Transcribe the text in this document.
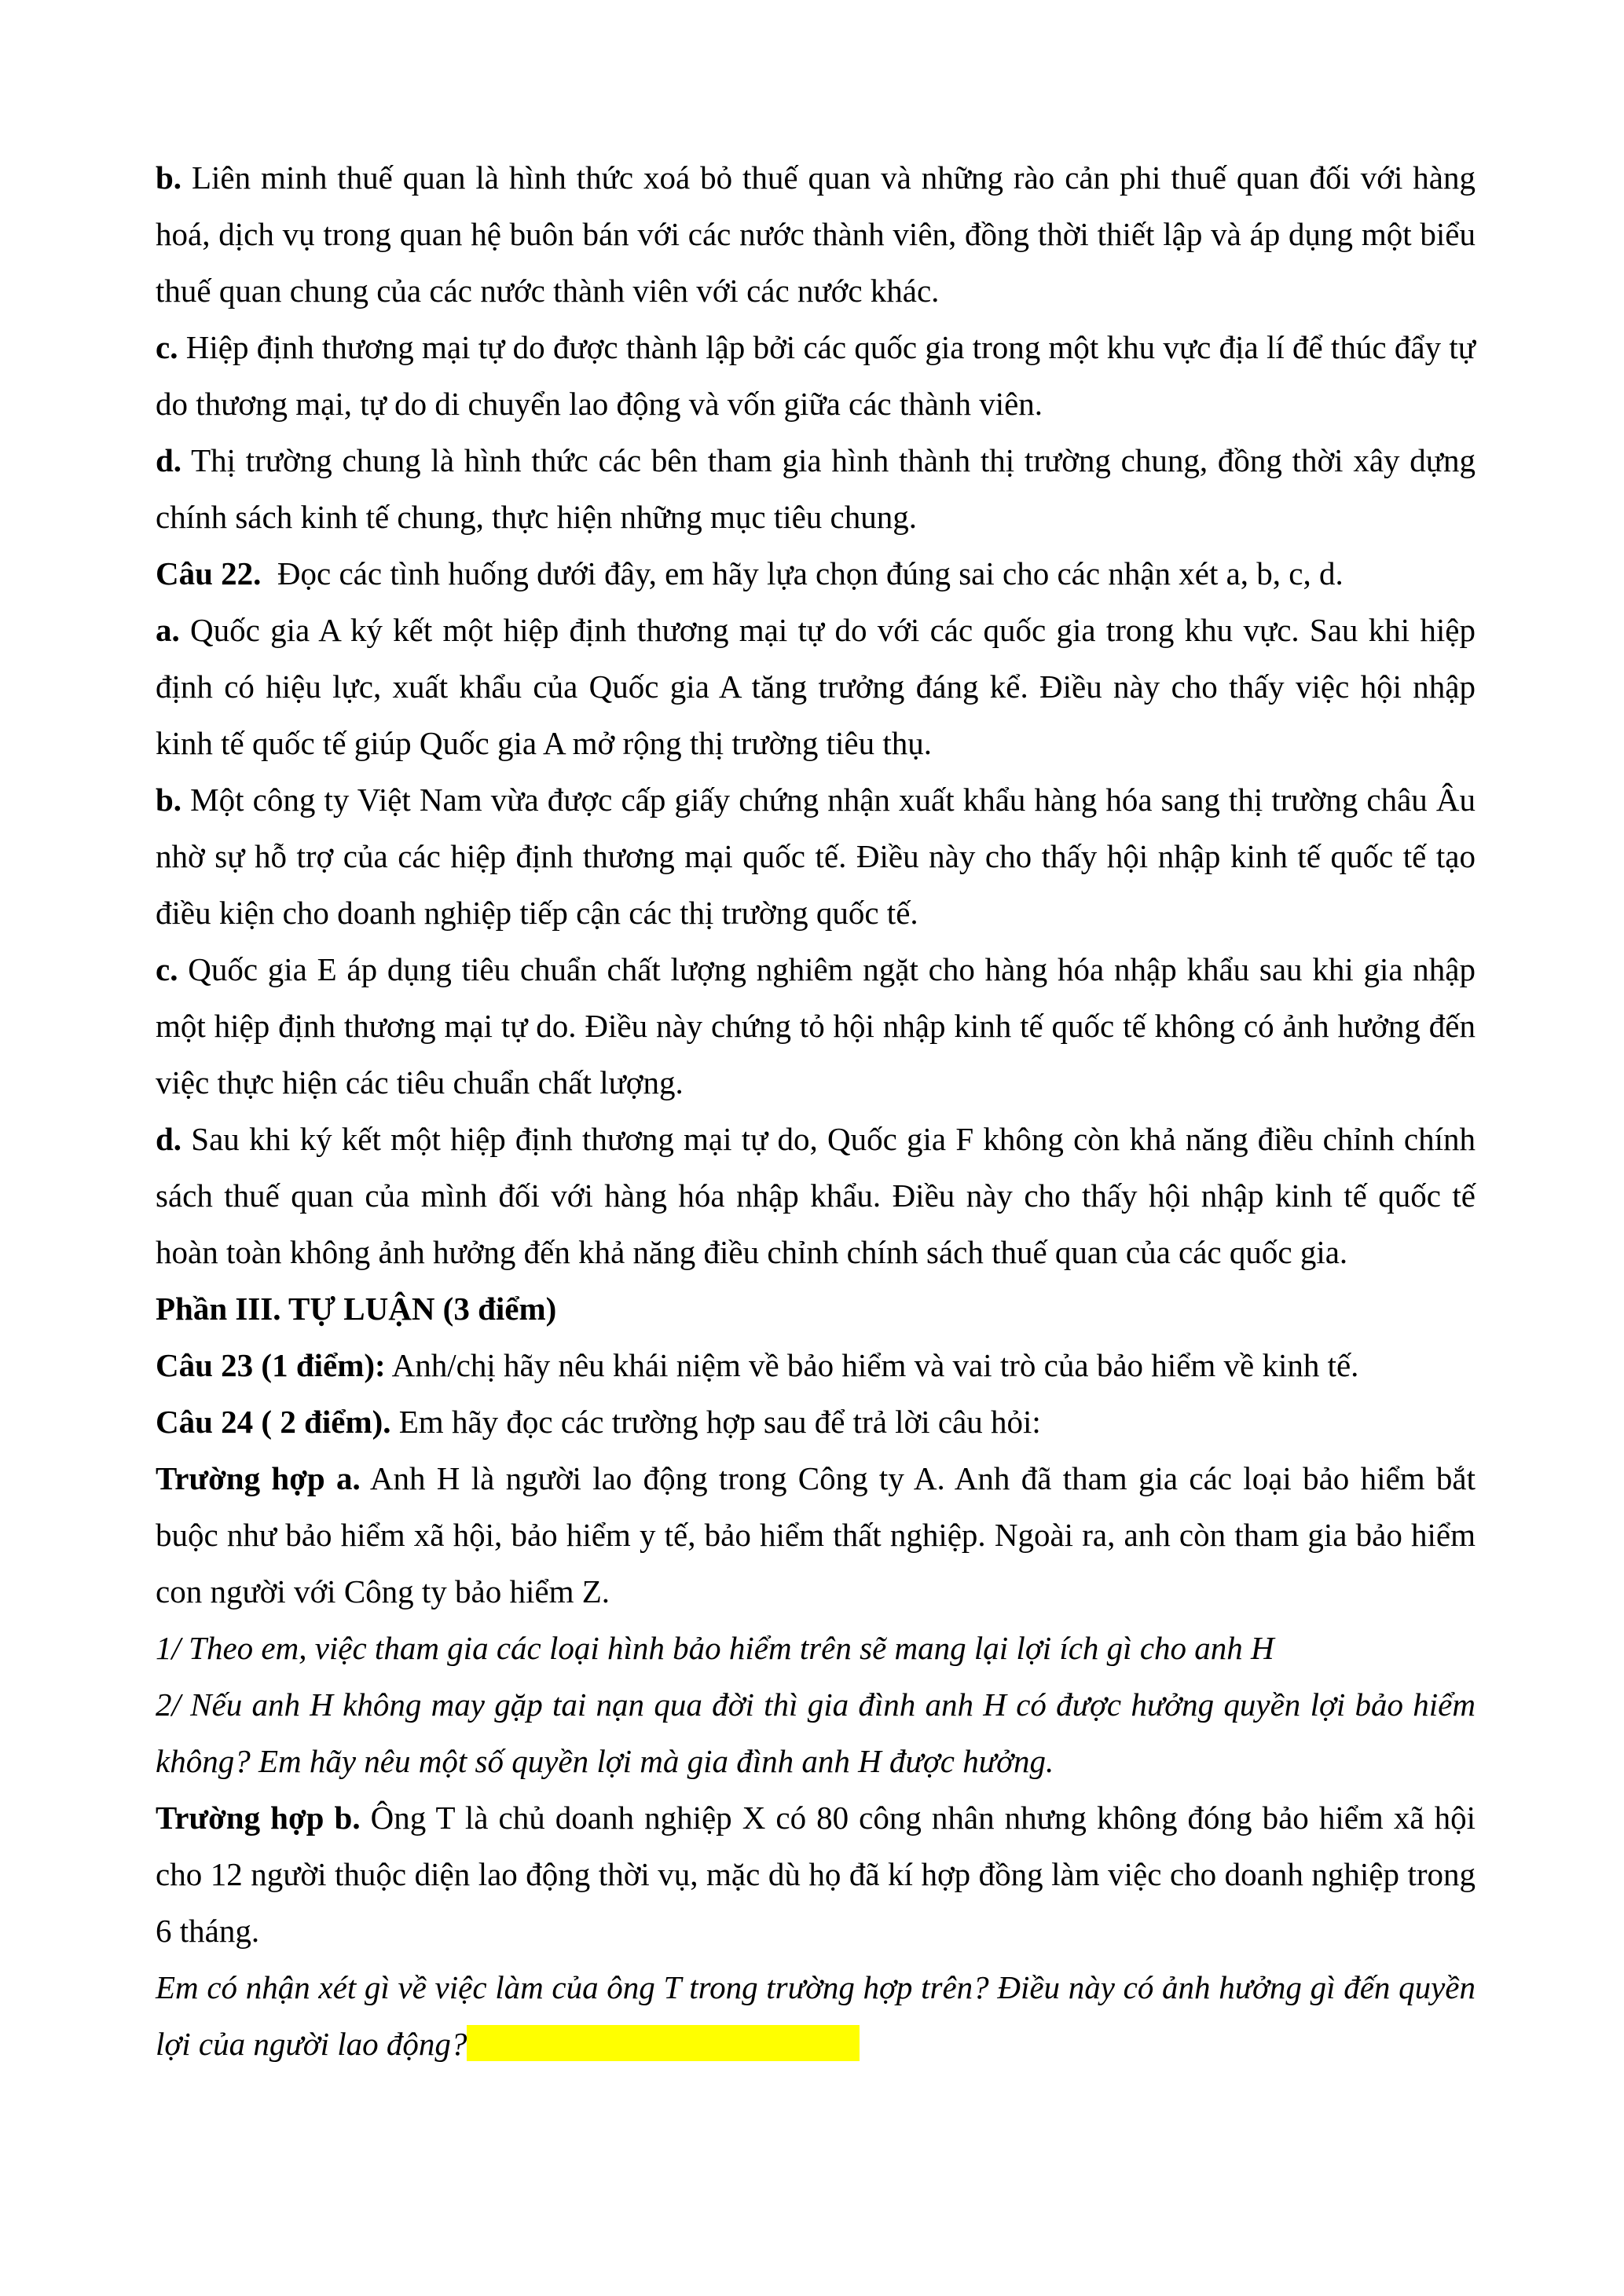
b. Liên minh thuế quan là hình thức xoá bỏ thuế quan và những rào cản phi thuế quan đối với hàng hoá, dịch vụ trong quan hệ buôn bán với các nước thành viên, đồng thời thiết lập và áp dụng một biểu thuế quan chung của các nước thành viên với các nước khác.

c. Hiệp định thương mại tự do được thành lập bởi các quốc gia trong một khu vực địa lí để thúc đẩy tự do thương mại, tự do di chuyển lao động và vốn giữa các thành viên.

d. Thị trường chung là hình thức các bên tham gia hình thành thị trường chung, đồng thời xây dựng chính sách kinh tế chung, thực hiện những mục tiêu chung.

Câu 22.  Đọc các tình huống dưới đây, em hãy lựa chọn đúng sai cho các nhận xét a, b, c, d.

a. Quốc gia A ký kết một hiệp định thương mại tự do với các quốc gia trong khu vực. Sau khi hiệp định có hiệu lực, xuất khẩu của Quốc gia A tăng trưởng đáng kể. Điều này cho thấy việc hội nhập kinh tế quốc tế giúp Quốc gia A mở rộng thị trường tiêu thụ.

b. Một công ty Việt Nam vừa được cấp giấy chứng nhận xuất khẩu hàng hóa sang thị trường châu Âu nhờ sự hỗ trợ của các hiệp định thương mại quốc tế. Điều này cho thấy hội nhập kinh tế quốc tế tạo điều kiện cho doanh nghiệp tiếp cận các thị trường quốc tế.

c. Quốc gia E áp dụng tiêu chuẩn chất lượng nghiêm ngặt cho hàng hóa nhập khẩu sau khi gia nhập một hiệp định thương mại tự do. Điều này chứng tỏ hội nhập kinh tế quốc tế không có ảnh hưởng đến việc thực hiện các tiêu chuẩn chất lượng.

d. Sau khi ký kết một hiệp định thương mại tự do, Quốc gia F không còn khả năng điều chỉnh chính sách thuế quan của mình đối với hàng hóa nhập khẩu. Điều này cho thấy hội nhập kinh tế quốc tế hoàn toàn không ảnh hưởng đến khả năng điều chỉnh chính sách thuế quan của các quốc gia.

Phần III. TỰ LUẬN (3 điểm)

Câu 23 (1 điểm): Anh/chị hãy nêu khái niệm về bảo hiểm và vai trò của bảo hiểm về kinh tế.

Câu 24 ( 2 điểm). Em hãy đọc các trường hợp sau để trả lời câu hỏi:

Trường hợp a. Anh H là người lao động trong Công ty A. Anh đã tham gia các loại bảo hiểm bắt buộc như bảo hiểm xã hội, bảo hiểm y tế, bảo hiểm thất nghiệp. Ngoài ra, anh còn tham gia bảo hiểm con người với Công ty bảo hiểm Z.

1/ Theo em, việc tham gia các loại hình bảo hiểm trên sẽ mang lại lợi ích gì cho anh H

2/ Nếu anh H không may gặp tai nạn qua đời thì gia đình anh H có được hưởng quyền lợi bảo hiểm không? Em hãy nêu một số quyền lợi mà gia đình anh H được hưởng.

Trường hợp b. Ông T là chủ doanh nghiệp X có 80 công nhân nhưng không đóng bảo hiểm xã hội cho 12 người thuộc diện lao động thời vụ, mặc dù họ đã kí hợp đồng làm việc cho doanh nghiệp trong 6 tháng.

Em có nhận xét gì về việc làm của ông T trong trường hợp trên? Điều này có ảnh hưởng gì đến quyền lợi của người lao động?
